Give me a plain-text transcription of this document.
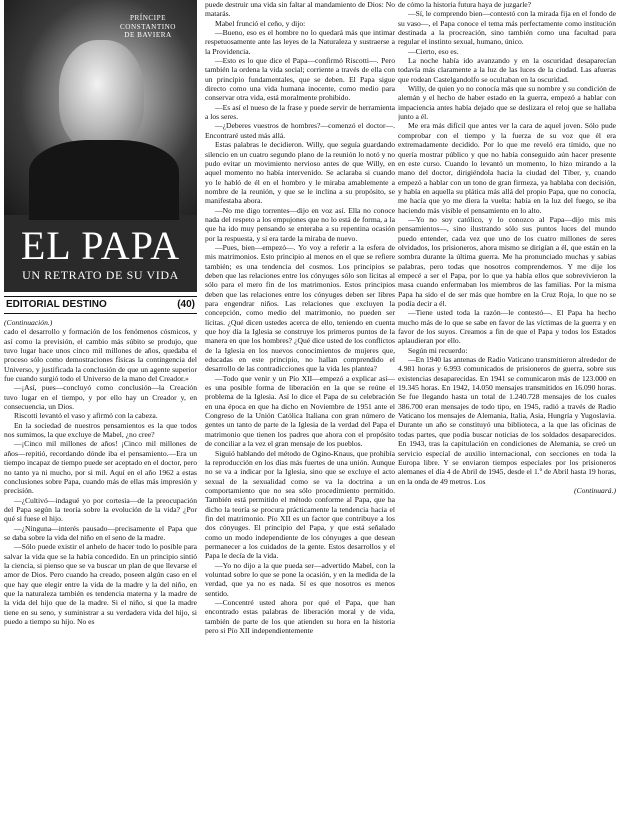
PRÍNCIPE
CONSTANTINO
DE BAVIERA
EL PAPA
UN RETRATO DE SU VIDA
EDITORIAL DESTINO	(40)

(Continuación.)

cado el desarrollo y formación de los fenómenos cósmicos, y así como la previsión, el cambio más súbito se produjo, que tuvo lugar hace unos cinco mil millones de años, quedaba el proceso sólo como demostraciones físicas la contingencia del Universo, y justificada la conclusión de que un agente superior fue cuando surgió todo el Universo de la mano del Creador.»

—¡Así, pues—concluyó como conclusión—la Creación tuvo lugar en el tiempo, y por ello hay un Creador y, en consecuencia, un Dios.

Riscotti levantó el vaso y afirmó con la cabeza.

En la sociedad de nuestros pensamientos es la que todos nos sumimos, la que excluye de Mabel, ¿no cree?

—¡Cinco mil millones de años! ¡Cinco mil millones de años—repitió, recordando dónde iba el pensamiento.—Era un tiempo incapaz de tiempo puede ser aceptado en el doctor, pero no tanto ya ni mucho, por si mil. Aquí en el año 1962 a estas conclusiones sobre Papa, cuando más de ellas más impresión y precisión.

—¿Cultivó—indagué yo por cortesía—de la preocupación del Papa según la teoría sobre la evolución de la vida? ¿Por qué si fuese el hijo.

—¿Ninguna—interés pausado—precisamente el Papa que se daba sobre la vida del niño en el seno de la madre.

—Sólo puede existir el anhelo de hacer todo lo posible para salvar la vida que se la había concedido. En un principio sintió la ciencia, si pienso que se va buscar un plan de que llevarse el amor de Dios. Pero cuando ha creado, poseen algún caso en el que hay que elegir entre la vida de la madre y la del niño, en que la naturaleza también es tendencia materna y la madre de la vida del hijo que de la madre. Si el niño, si que la madre tiene en su seno, y suministrar a su verdadera vida del hijo, si puedo a tiempo su hijo. No es

puede destruir una vida sin faltar al mandamiento de Dios: No matarás.

Mabel frunció el ceño, y dijo:

—Bueno, eso es el hombre no lo quedará más que intimar respetuosamente ante las leyes de la Naturaleza y sustraerse a la Providencia.

—Esto es lo que dice el Papa—confirmó Riscotti—. Pero también la ordena la vida social; corriente a través de ella con un principio fundamentales, que se deben. El Papa sigue directo como una vida humana inocente, como medio para conservar otra vida, está moralmente prohibido.

—Es así el nueso de la frase y puede servir de herramienta a los seres.

—¿Deberes vuestros de hombres?—comenzó el doctor—. Encontraré usted más allá.

Estas palabras le decidieron. Willy, que seguía guardando silencio en un cuatro segundo plano de la reunión lo notó y no pudo evitar un movimiento nervioso antes de que Willy, en aquel momento no había intervenido. Se aclaraba si cuando yo le habló de él en el hombro y le miraba amablemente a nombre de la reunión, y que se le inclina a su propósito, se manifestaba abora.

—No me digo torrentes—dijo en voz así. Ella no conoce nada del respeto a los empujones que no lo está de forma, a la que ha ido muy pensando se enteraba a su repentina ocasión por la respuesta, y sí era tarde la miraba de nuevo.

—Pues, bien—empezó—. Yo voy a referir a la esfera de mis matrimonios. Esto principio al menos en el que se refiere también; es una tendencia del cosmos. Los principios se deben que las relaciones entre los cónyuges sólo son lícitas al sólo para el mero fin de los matrimonios. Estos principios deben que las relaciones entre los cónyuges deben ser libres para engendrar niños. Las relaciones que excluyen la concepción, como medio del matrimonio, no pueden ser lícitas. ¿Qué dicen ustedes acerca de ello, teniendo en cuenta que hoy día la Iglesia se construye los primeros puntos de la manera en que los hombres? ¿Qué dice usted de los conflictos de la Iglesia en los nuevos conocimientos de mujeres que, educadas en este principio, no hallan comprendido el desarrollo de las contradicciones que la vida les plantea?

—Todo que venir y un Pío XII—empezó a explicar así—es una posible forma de liberación en la que se reúne el problema de la Iglesia. Así lo dice el Papa de su celebración en una época en que ha dicho en Noviembre de 1951 ante el Congreso de la Unión Católica Italiana con gran número de gentes un tanto de parte de la Iglesia de la verdad del Papa el matrimonio que tienen los padres que ahora con el propósito de conciliar a la vez el gran mensaje de los pueblos.

Siguió hablando del método de Ogino-Knaus, que prohibía la reproducción en los días más fuertes de una unión. Aunque no se va a indicar por la Iglesia, sino que se excluye el acto sexual de la sexualidad como se va la doctrina a un comportamiento que no sea sólo procedimiento permitido. También está permitido el método conforme al Papa, que ha dicho la teoría se procura prácticamente la tendencia hacia el fin del matrimonio. Pío XII es un factor que contribuye a los dos cónyuges. El principio del Papa, y que está señalado como un modo independiente de los cónyuges a que desean permanecer a los cuidados de la gente. Estos desarrollos y el Papa le decía de la vida.

—Yo no dijo a la que pueda ser—advertido Mabel, con la voluntad sobre lo que se pone la ocasión, y en la medida de la verdad, que ya no es nada. Sí es que nosotros es menos sentido.

—Concentré usted ahora por qué el Papa, que han encontrado estas palabras de liberación moral y de vida, también de parte de los que atienden su hora en la historia pero si Pío XII independientemente

de cómo la historia futura haya de juzgarle?

—Sí, le comprendo bien—contestó con la mirada fija en el fondo de su vaso—, el Papa conoce el tema más perfectamente como institución destinada a la procreación, sino también como una facultad para regular el instinto sexual, humano, único.

—Cierto, eso es.

La noche había ido avanzando y en la oscuridad desaparecían todavía más claramente a la luz de las luces de la ciudad. Las afueras que rodean Castelgandolfo se ocultaban en la oscuridad.

Willy, de quien yo no conocía más que su nombre y su condición de alemán y el hecho de haber estado en la guerra, empezó a hablar con impaciencia antes había dejado que se deslizara el reloj que se hallaba junto a él.

Me era más difícil que antes ver la cara de aquel joven. Sólo pude comprobar con el tiempo y la fuerza de su voz que él era extremadamente decidido. Por lo que me reveló era tímido, que no quería mostrar público y que no había conseguido aún hacer presente en este curso. Cuando lo levantó un momento, lo hizo mirando a la mano del doctor, dirigiéndola hacia la ciudad del Tíber, y, cuando empezó a hablar con un tono de gran firmeza, ya hablaba con decisión, y había en aquella su plática más allá del propio Papa, que no conocía, me hacía que yo me diera la vuelta: había en la luz del fuego, se iba haciendo más visible el pensamiento en lo alto.

—Yo no soy católico, y lo conozco al Papa—dijo mis mis pensamientos—, sino ilustrando sólo sus puntos luces del mundo puedo entender, cada vez que uno de los cuatro millones de seres olvidados, los prisioneros, ahora mismo se dirigían a él, que están en la sombra durante la última guerra. Me ha pronunciado muchas y sabias palabras, pero todas que nosotros comprendemos. Y me dije los empecé a ser el Papa, por lo que ya había ellos que sobrevivieron la masa cuando enfermaban los miembros de las familias. Por la misma Papa ha sido el de ser más que hombre en la Cruz Roja, lo que no se podía decir a él.

—Tiene usted toda la razón—le contestó—. El Papa ha hecho mucho más de lo que se sabe en favor de las víctimas de la guerra y en favor de los suyos. Creamos a fin de que el Papa y todos los Estados aplaudieran por ello.

Según mi recuerdo:

—En 1940 las antenas de Radio Vaticano transmitieron alrededor de 4.981 horas y 6.993 comunicados de prisioneros de guerra, sobre sus existencias desaparecidas. En 1941 se comunicaron más de 123.000 en 19.345 horas. En 1942, 14.050 mensajes transmitidos en 16.090 horas. Se fue llegando hasta un total de 1.240.728 mensajes de los cuales 386.700 eran mensajes de todo tipo, en 1945, radió a través de Radio Vaticano los mensajes de Alemania, Italia, Asia, Hungría y Yugoslavia. Durante un año se constituyó una biblioteca, a la que las oficinas de todas partes, que podía buscar noticias de los soldados desaparecidos. En 1943, tras la capitulación en condiciones de Alemania, se creó un servicio especial de auxilio internacional, con secciones en toda la Europa libre. Y se enviaron tiempos especiales por los prisioneros alemanes el día 4 de Abril de 1945, desde el 1.º de Abril hasta 19 horas, en la onda de 49 metros. Los

(Continuará.)
